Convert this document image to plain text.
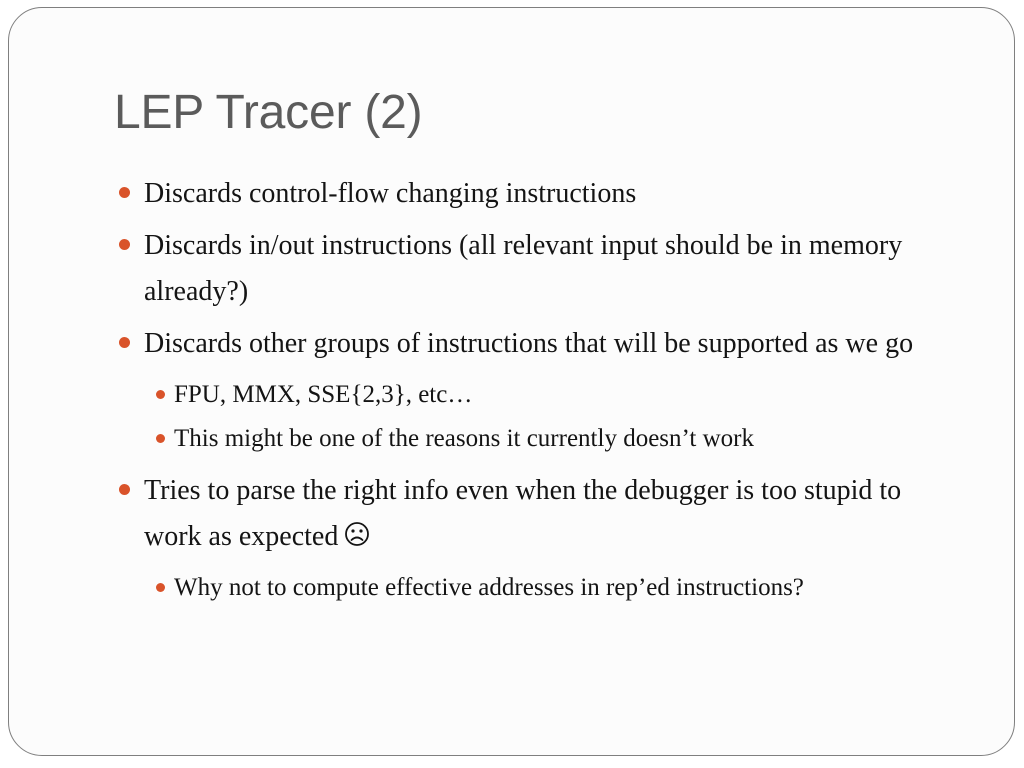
LEP Tracer (2)
Discards control-flow changing instructions
Discards in/out instructions (all relevant input should be in memory already?)
Discards other groups of instructions that will be supported as we go
FPU, MMX, SSE{2,3}, etc…
This might be one of the reasons it currently doesn’t work
Tries to parse the right info even when the debugger is too stupid to work as expected
Why not to compute effective addresses in rep’ed instructions?
